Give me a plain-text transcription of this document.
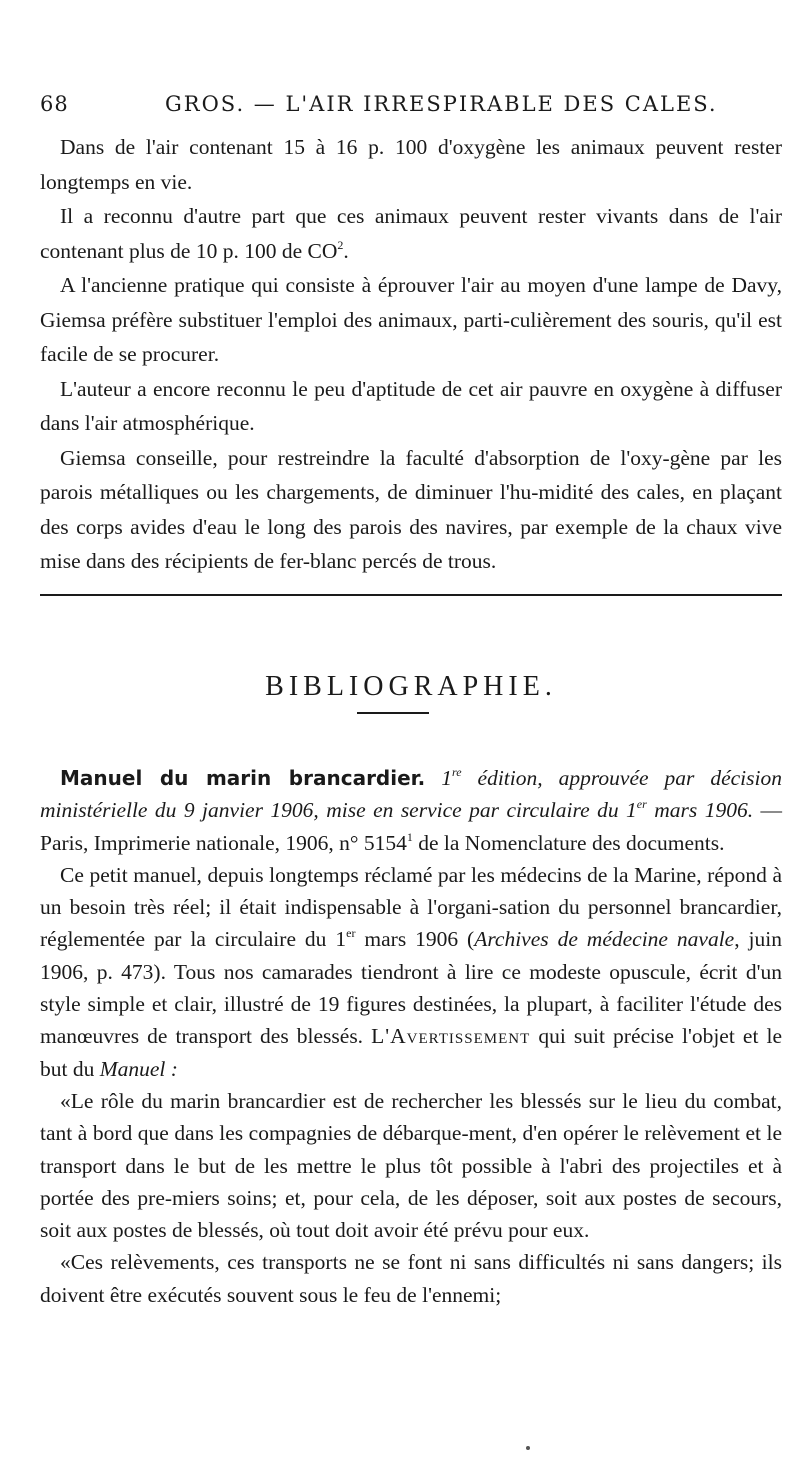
68	GROS. — L'AIR IRRESPIRABLE DES CALES.

Dans de l'air contenant 15 à 16 p. 100 d'oxygène les animaux peuvent rester longtemps en vie.

Il a reconnu d'autre part que ces animaux peuvent rester vivants dans de l'air contenant plus de 10 p. 100 de $CO^2$.

A l'ancienne pratique qui consiste à éprouver l'air au moyen d'une lampe de Davy, Giemsa préfère substituer l'emploi des animaux, parti-culièrement des souris, qu'il est facile de se procurer.

L'auteur a encore reconnu le peu d'aptitude de cet air pauvre en oxygène à diffuser dans l'air atmosphérique.

Giemsa conseille, pour restreindre la faculté d'absorption de l'oxy-gène par les parois métalliques ou les chargements, de diminuer l'hu-midité des cales, en plaçant des corps avides d'eau le long des parois des navires, par exemple de la chaux vive mise dans des récipients de fer-blanc percés de trous.

BIBLIOGRAPHIE.

Manuel du marin brancardier. 1re édition, approuvée par décision ministérielle du 9 janvier 1906, mise en service par circulaire du 1er mars 1906. — Paris, Imprimerie nationale, 1906, n° 5154$^1$ de la Nomenclature des documents.

Ce petit manuel, depuis longtemps réclamé par les médecins de la Marine, répond à un besoin très réel; il était indispensable à l'organi-sation du personnel brancardier, réglementée par la circulaire du 1er mars 1906 (Archives de médecine navale, juin 1906, p. 473). Tous nos camarades tiendront à lire ce modeste opuscule, écrit d'un style simple et clair, illustré de 19 figures destinées, la plupart, à faciliter l'étude des manœuvres de transport des blessés. L'Avertissement qui suit précise l'objet et le but du Manuel :

«Le rôle du marin brancardier est de rechercher les blessés sur le lieu du combat, tant à bord que dans les compagnies de débarque-ment, d'en opérer le relèvement et le transport dans le but de les mettre le plus tôt possible à l'abri des projectiles et à portée des pre-miers soins; et, pour cela, de les déposer, soit aux postes de secours, soit aux postes de blessés, où tout doit avoir été prévu pour eux.

«Ces relèvements, ces transports ne se font ni sans difficultés ni sans dangers; ils doivent être exécutés souvent sous le feu de l'ennemi;
